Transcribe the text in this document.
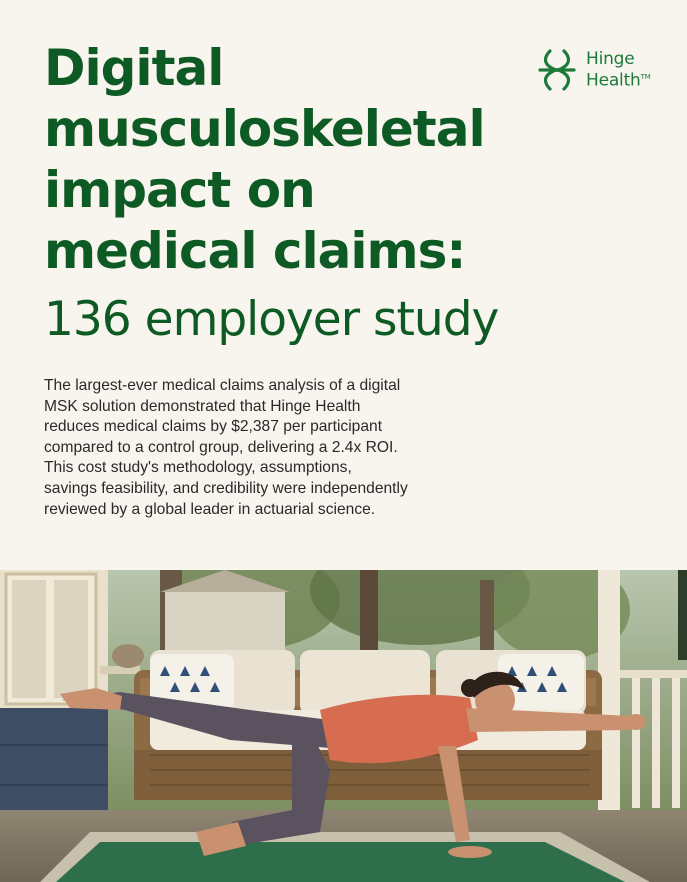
Hinge
Health™
Digital
musculoskeletal
impact on
medical claims:
136 employer study
The largest-ever medical claims analysis of a digital
MSK solution demonstrated that Hinge Health
reduces medical claims by $2,387 per participant
compared to a control group, delivering a 2.4x ROI.
This cost study's methodology, assumptions,
savings feasibility, and credibility were independently
reviewed by a global leader in actuarial science.
